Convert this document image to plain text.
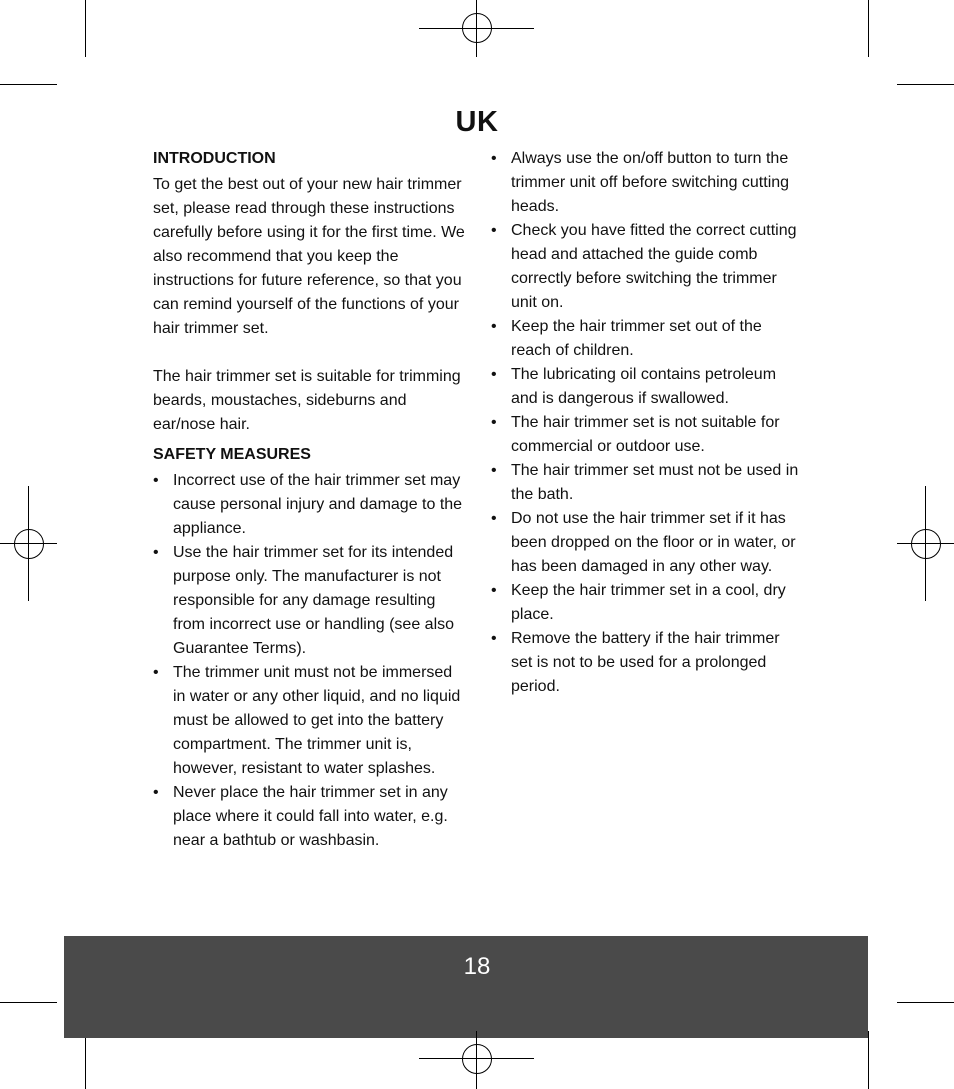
UK
INTRODUCTION

To get the best out of your new hair trimmer set, please read through these instructions carefully before using it for the first time. We also recommend that you keep the instructions for future reference, so that you can remind yourself of the functions of your hair trimmer set.

The hair trimmer set is suitable for trimming beards, moustaches, sideburns and ear/nose hair.

SAFETY MEASURES
• Incorrect use of the hair trimmer set may cause personal injury and damage to the appliance.
• Use the hair trimmer set for its intended purpose only. The manufacturer is not responsible for any damage resulting from incorrect use or handling (see also Guarantee Terms).
• The trimmer unit must not be immersed in water or any other liquid, and no liquid must be allowed to get into the battery compartment. The trimmer unit is, however, resistant to water splashes.
• Never place the hair trimmer set in any place where it could fall into water, e.g. near a bathtub or washbasin.
• Always use the on/off button to turn the trimmer unit off before switching cutting heads.
• Check you have fitted the correct cutting head and attached the guide comb correctly before switching the trimmer unit on.
• Keep the hair trimmer set out of the reach of children.
• The lubricating oil contains petroleum and is dangerous if swallowed.
• The hair trimmer set is not suitable for commercial or outdoor use.
• The hair trimmer set must not be used in the bath.
• Do not use the hair trimmer set if it has been dropped on the floor or in water, or has been damaged in any other way.
• Keep the hair trimmer set in a cool, dry place.
• Remove the battery if the hair trimmer set is not to be used for a prolonged period.
18
